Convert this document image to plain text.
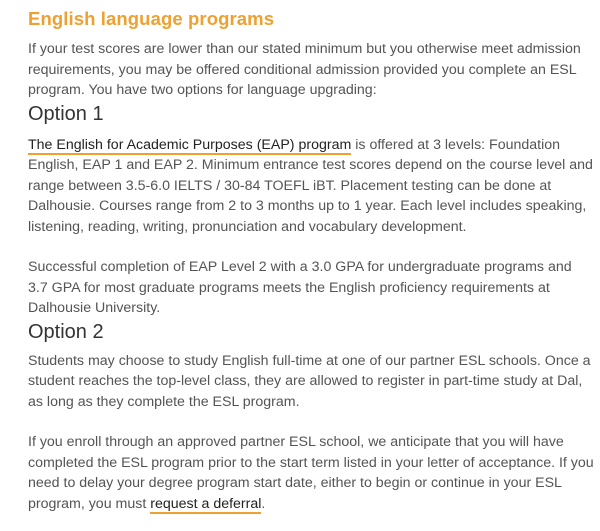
English language programs

If your test scores are lower than our stated minimum but you otherwise meet admission requirements, you may be offered conditional admission provided you complete an ESL program. You have two options for language upgrading:

Option 1

The English for Academic Purposes (EAP) program is offered at 3 levels: Foundation English, EAP 1 and EAP 2. Minimum entrance test scores depend on the course level and range between 3.5-6.0 IELTS / 30-84 TOEFL iBT. Placement testing can be done at Dalhousie. Courses range from 2 to 3 months up to 1 year. Each level includes speaking, listening, reading, writing, pronunciation and vocabulary development.

Successful completion of EAP Level 2 with a 3.0 GPA for undergraduate programs and 3.7 GPA for most graduate programs meets the English proficiency requirements at Dalhousie University.

Option 2

Students may choose to study English full-time at one of our partner ESL schools. Once a student reaches the top-level class, they are allowed to register in part-time study at Dal, as long as they complete the ESL program.

If you enroll through an approved partner ESL school, we anticipate that you will have completed the ESL program prior to the start term listed in your letter of acceptance. If you need to delay your degree program start date, either to begin or continue in your ESL program, you must request a deferral.
